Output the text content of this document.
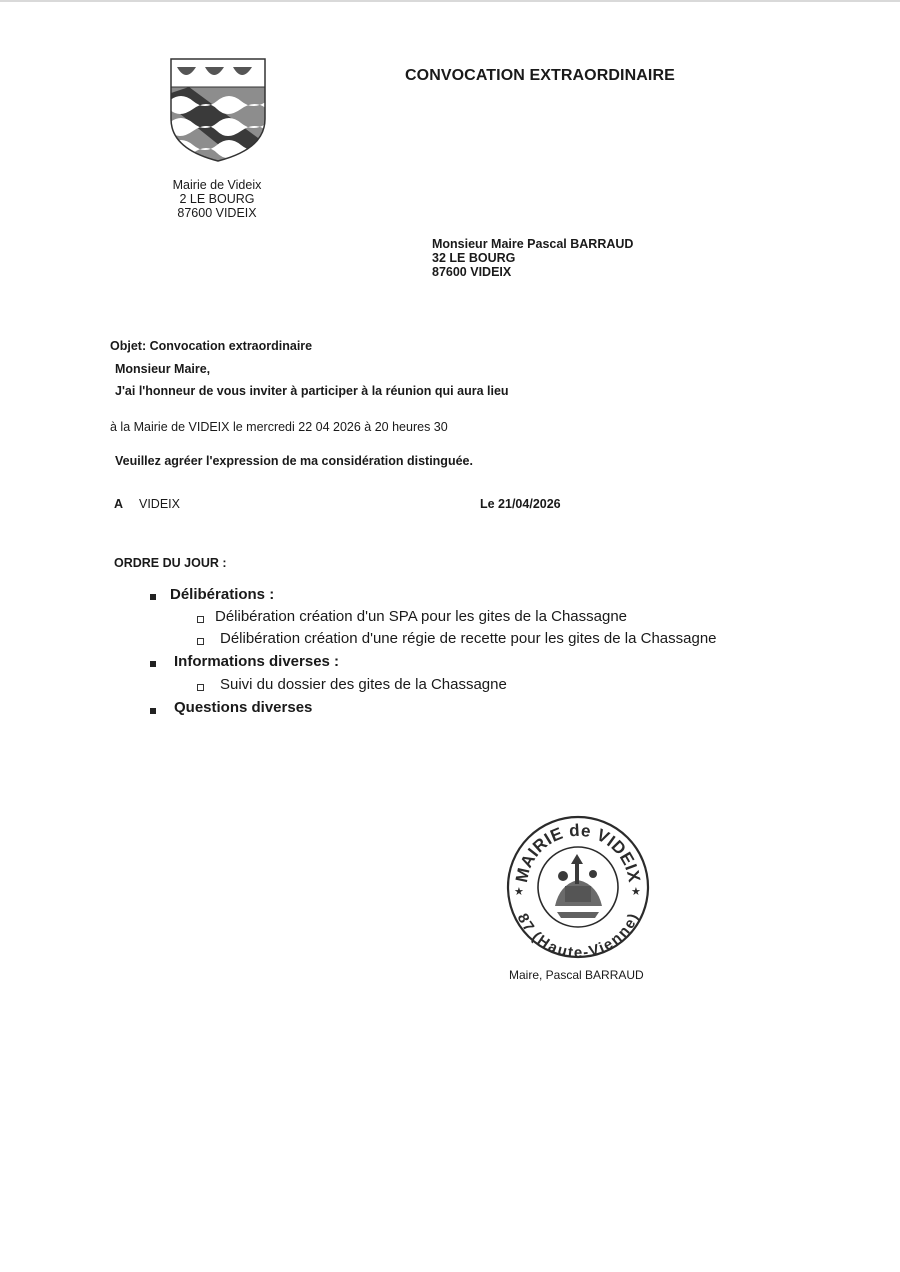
Mairie de Videix
2 LE BOURG
87600 VIDEIX
CONVOCATION EXTRAORDINAIRE
Monsieur Maire Pascal BARRAUD
32 LE BOURG
87600 VIDEIX
Objet: Convocation extraordinaire
Monsieur Maire,
J'ai l'honneur de vous inviter à participer à la réunion qui aura lieu
à la Mairie de VIDEIX le mercredi 22 04 2026 à 20 heures 30
Veuillez agréer l'expression de ma considération distinguée.
A VIDEIX	Le 21/04/2026
ORDRE DU JOUR :
Délibérations :
Délibération création d'un SPA pour les gites de la Chassagne
Délibération création d'une régie de recette pour les gites de la Chassagne
Informations diverses :
Suivi du dossier des gites de la Chassagne
Questions diverses
★	★
MAIRIE de VIDEIX
87 (Haute-Vienne)
Maire, Pascal BARRAUD
